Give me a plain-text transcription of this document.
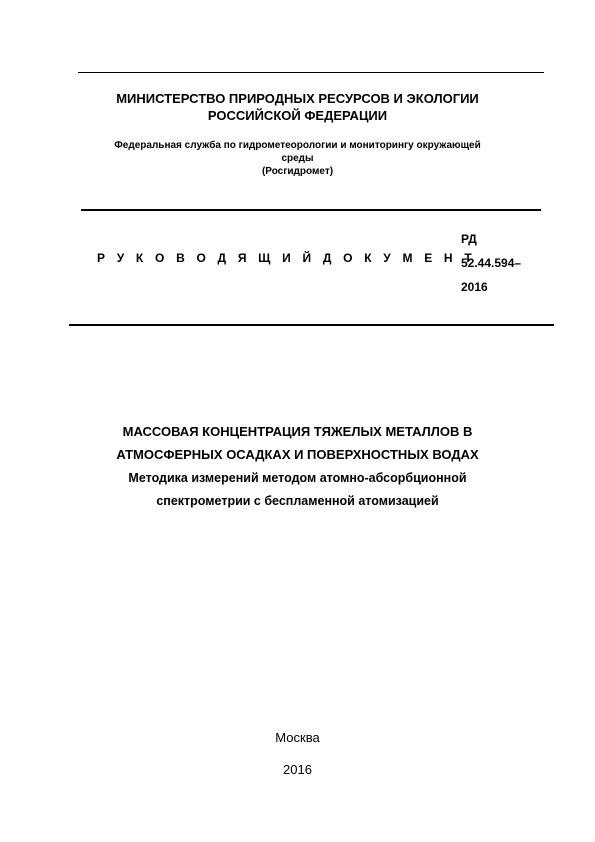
МИНИСТЕРСТВО ПРИРОДНЫХ РЕСУРСОВ И ЭКОЛОГИИ
РОССИЙСКОЙ ФЕДЕРАЦИИ
Федеральная служба по гидрометеорологии и мониторингу окружающей
среды
(Росгидромет)
Р У К О В О Д Я Щ И Й Д О К У М Е Н Т
РД
52.44.594–
2016
МАССОВАЯ КОНЦЕНТРАЦИЯ ТЯЖЕЛЫХ МЕТАЛЛОВ В
АТМОСФЕРНЫХ ОСАДКАХ И ПОВЕРХНОСТНЫХ ВОДАХ
Методика измерений методом атомно-абсорбционной
спектрометрии с беспламенной атомизацией
Москва
2016
